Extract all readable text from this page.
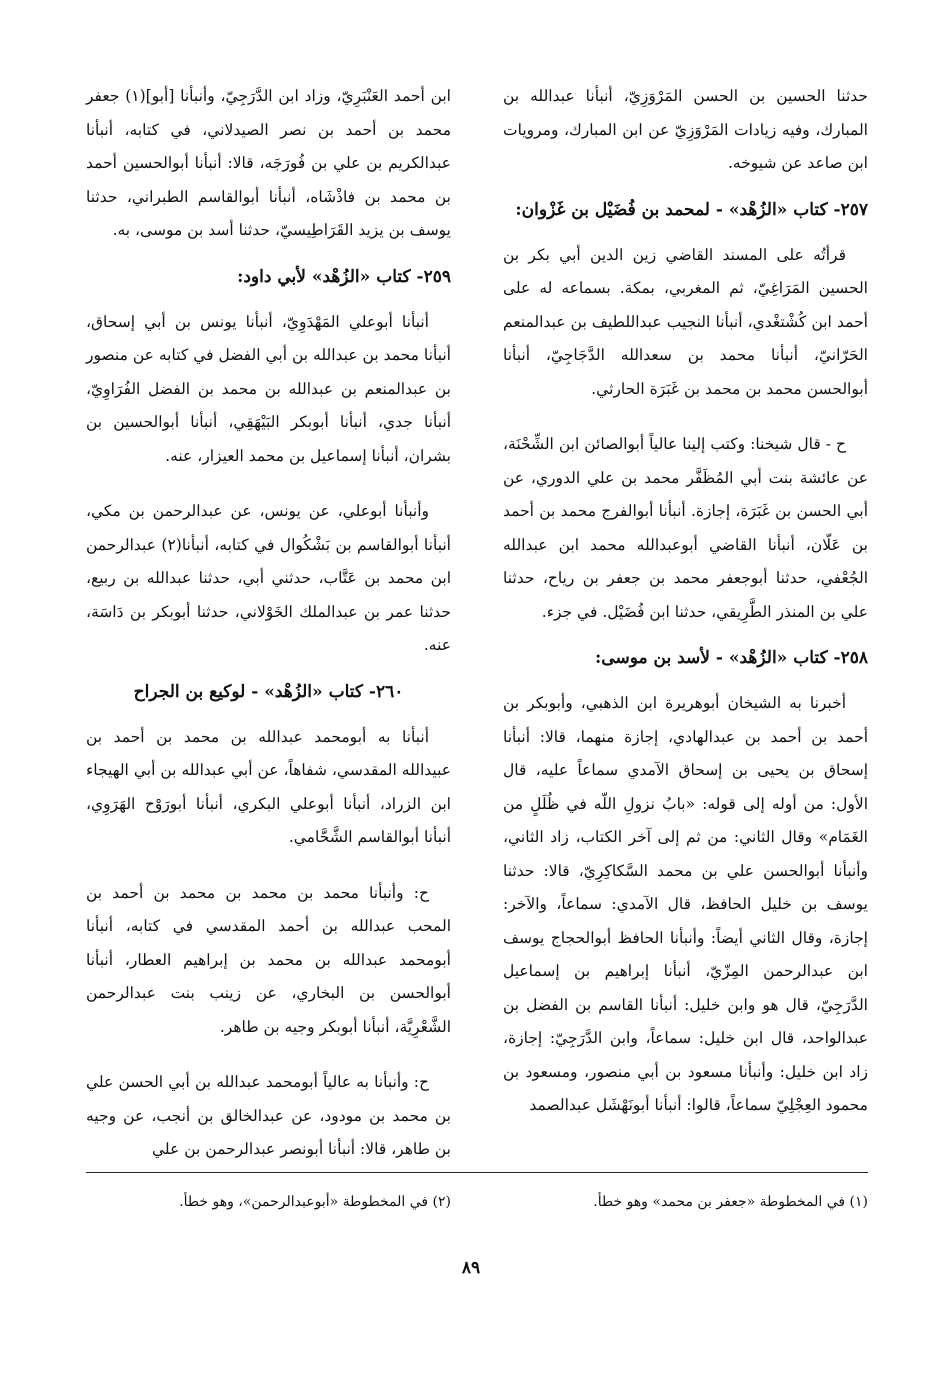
حدثنا الحسين بن الحسن المَرْوَزِيّ، أنبأنا عبدالله بن المبارك، وفيه زيادات المَرْوَزِيّ عن ابن المبارك، ومرويات ابن صاعد عن شيوخه.

٢٥٧- كتاب «الزُهْد» - لمحمد بن فُضَيْل بن غَزْوان:

قرأتُه على المسند القاضي زين الدين أبي بكر بن الحسين المَرَاغِيّ، ثم المغربي، بمكة. بسماعه له على أحمد ابن كُشْتغْدي، أنبأنا النجيب عبداللطيف بن عبدالمنعم الحَرّانيّ، أنبأنا محمد بن سعدالله الدَّجَاجِيّ، أنبأنا أبوالحسن محمد بن محمد بن غَبَرَة الحارثي.

ح - قال شيخنا: وكتب إلينا عالياً أبوالصائن ابن الشِّحْنَة، عن عائشة بنت أبي المُظَفَّر محمد بن علي الدوري، عن أبي الحسن بن غَبَرَة، إجازة. أنبأنا أبوالفرج محمد بن أحمد بن عَلّان، أنبأنا القاضي أبوعبدالله محمد ابن عبدالله الجُعْفي، حدثنا أبوجعفر محمد بن جعفر بن رياح، حدثنا علي بن المنذر الطَّرِيقي، حدثنا ابن فُضَيْل. في جزء.

٢٥٨- كتاب «الزُهْد» - لأسد بن موسى:

أخبرنا به الشيخان أبوهريرة ابن الذهبي، وأبوبكر بن أحمد بن أحمد بن عبدالهادي، إجازة منهما، قالا: أنبأنا إسحاق بن يحيى بن إسحاق الآمدي سماعاً عليه، قال الأول: من أوله إلى قوله: «بابُ نزولِ اللّه في ظُلَلٍ من الغَمَام» وقال الثاني: من ثم إلى آخر الكتاب، زاد الثاني، وأنبأنا أبوالحسن علي بن محمد السَّكاكِرِيّ، قالا: حدثنا يوسف بن خليل الحافظ، قال الآمدي: سماعاً، والآخر: إجازة، وقال الثاني أيضاً: وأنبأنا الحافظ أبوالحجاج يوسف ابن عبدالرحمن المِزّيّ، أنبأنا إبراهيم بن إسماعيل الدَّرَجِيّ، قال هو وابن خليل: أنبأنا القاسم بن الفضل بن عبدالواحد، قال ابن خليل: سماعاً، وابن الدَّرَجِيّ: إجازة، زاد ابن خليل: وأنبأنا مسعود بن أبي منصور، ومسعود بن محمود العِجْلِيّ سماعاً، قالوا: أنبأنا أبونَهْشَل عبدالصمد

ابن أحمد العَنْبَرِيّ، وزاد ابن الدَّرَجِيّ، وأنبأنا [أبو](١) جعفر محمد بن أحمد بن نصر الصيدلاني، في كتابه، أنبأنا عبدالكريم بن علي بن فُورَجَه، قالا: أنبأنا أبوالحسين أحمد بن محمد بن فاذْشَاه، أنبأنا أبوالقاسم الطبراني، حدثنا يوسف بن يزيد القَرَاطِيسيّ، حدثنا أسد بن موسى، به.

٢٥٩- كتاب «الزُهْد» لأبي داود:

أنبأنا أبوعلي المَهْدَوِيّ، أنبأنا يونس بن أبي إسحاق، أنبأنا محمد بن عبدالله بن أبي الفضل في كتابه عن منصور بن عبدالمنعم بن عبدالله بن محمد بن الفضل الفُرَاوِيّ، أنبأنا جدي، أنبأنا أبوبكر البَيْهَقِي، أنبأنا أبوالحسين بن بشران، أنبأنا إسماعيل بن محمد العيزار، عنه.

وأنبأنا أبوعلي، عن يونس، عن عبدالرحمن بن مكي، أنبأنا أبوالقاسم بن بَشْكُوال في كتابه، أنبأنا(٢) عبدالرحمن ابن محمد بن عَتَّاب، حدثني أبي، حدثنا عبدالله بن ربيع، حدثنا عمر بن عبدالملك الخَوْلاني، حدثنا أبوبكر بن دَاسَة، عنه.

٢٦٠- كتاب «الزُهْد» - لوكيع بن الجراح

أنبأنا به أبومحمد عبدالله بن محمد بن أحمد بن عبيدالله المقدسي، شفاهاً، عن أبي عبدالله بن أبي الهيجاء ابن الزراد، أنبأنا أبوعلي البكري، أنبأنا أبورَوْح الهَرَوِي، أنبأنا أبوالقاسم الشَّحَّامي.

ح: وأنبأنا محمد بن محمد بن محمد بن أحمد بن المحب عبدالله بن أحمد المقدسي في كتابه، أنبأنا أبومحمد عبدالله بن محمد بن إبراهيم العطار، أنبأنا أبوالحسن بن البخاري، عن زينب بنت عبدالرحمن الشَّعْرِيَّة، أنبأنا أبوبكر وجيه بن طاهر.

ح: وأنبأنا به عالياً أبومحمد عبدالله بن أبي الحسن علي بن محمد بن مودود، عن عبدالخالق بن أنجب، عن وجيه بن طاهر، قالا: أنبأنا أبونصر عبدالرحمن بن علي

(١) في المخطوطة «جعفر بن محمد» وهو خطأ.
(٢) في المخطوطة «أبوعبدالرحمن»، وهو خطأ.
٨٩
